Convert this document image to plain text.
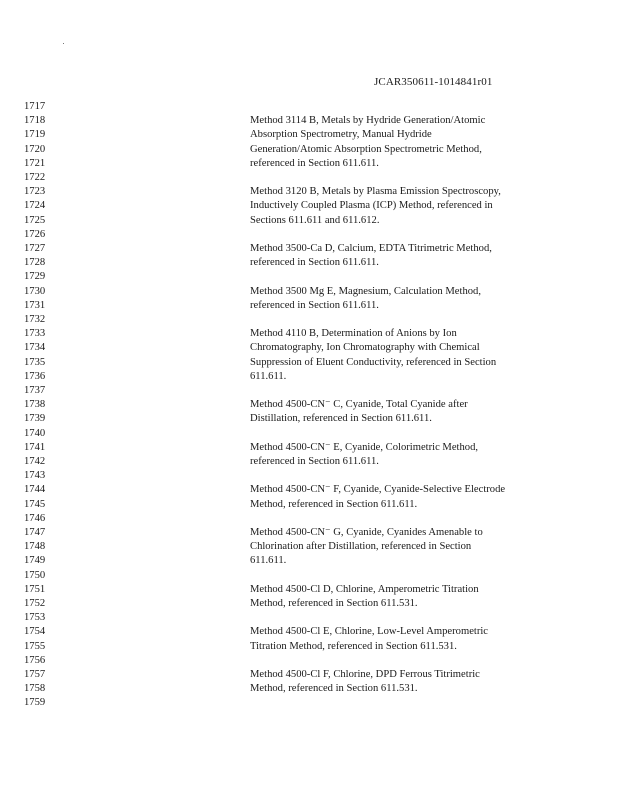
JCAR350611-1014841r01
1717
1718	Method 3114 B, Metals by Hydride Generation/Atomic
1719	Absorption Spectrometry, Manual Hydride
1720	Generation/Atomic Absorption Spectrometric Method,
1721	referenced in Section 611.611.
1722
1723	Method 3120 B, Metals by Plasma Emission Spectroscopy,
1724	Inductively Coupled Plasma (ICP) Method, referenced in
1725	Sections 611.611 and 611.612.
1726
1727	Method 3500-Ca D, Calcium, EDTA Titrimetric Method,
1728	referenced in Section 611.611.
1729
1730	Method 3500 Mg E, Magnesium, Calculation Method,
1731	referenced in Section 611.611.
1732
1733	Method 4110 B, Determination of Anions by Ion
1734	Chromatography, Ion Chromatography with Chemical
1735	Suppression of Eluent Conductivity, referenced in Section
1736	611.611.
1737
1738	Method 4500-CN⁻ C, Cyanide, Total Cyanide after
1739	Distillation, referenced in Section 611.611.
1740
1741	Method 4500-CN⁻ E, Cyanide, Colorimetric Method,
1742	referenced in Section 611.611.
1743
1744	Method 4500-CN⁻ F, Cyanide, Cyanide-Selective Electrode
1745	Method, referenced in Section 611.611.
1746
1747	Method 4500-CN⁻ G, Cyanide, Cyanides Amenable to
1748	Chlorination after Distillation, referenced in Section
1749	611.611.
1750
1751	Method 4500-Cl D, Chlorine, Amperometric Titration
1752	Method, referenced in Section 611.531.
1753
1754	Method 4500-Cl E, Chlorine, Low-Level Amperometric
1755	Titration Method, referenced in Section 611.531.
1756
1757	Method 4500-Cl F, Chlorine, DPD Ferrous Titrimetric
1758	Method, referenced in Section 611.531.
1759
